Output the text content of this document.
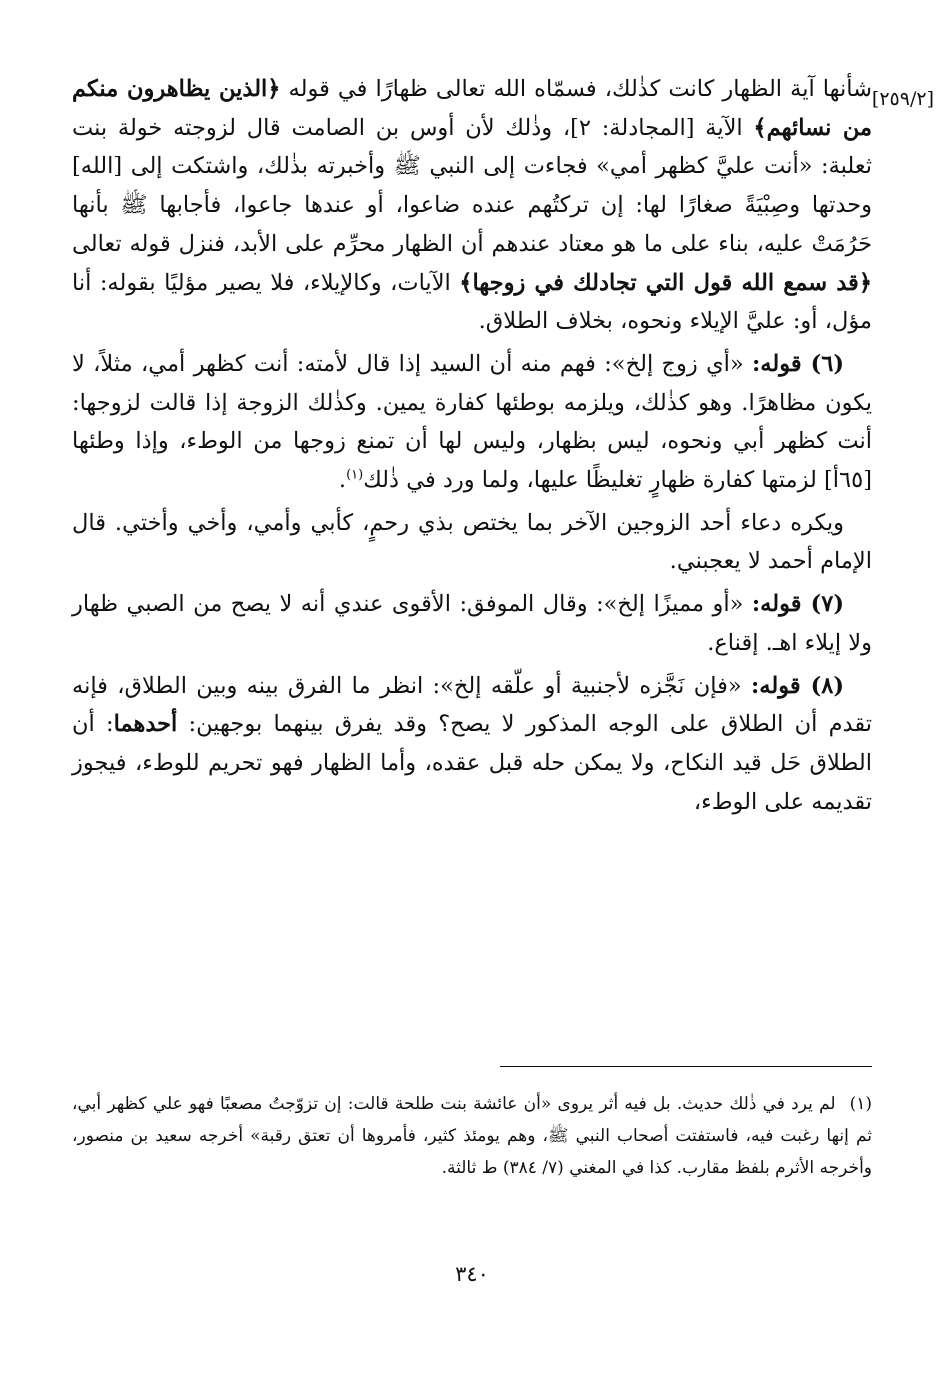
[٢٥٩/٢]

شأنها آية الظهار كانت كذٰلك، فسمّاه الله تعالى ظهارًا في قوله ﴿الذين يظاهرون منكم من نسائهم﴾ الآية [المجادلة: ٢]، وذٰلك لأن أوس بن الصامت قال لزوجته خولة بنت ثعلبة: «أنت عليَّ كظهر أمي» فجاءت إلى النبي ﷺ وأخبرته بذٰلك، واشتكت إلى [الله] وحدتها وصِبْيَةً صغارًا لها: إن تركتُهم عنده ضاعوا، أو عندها جاعوا، فأجابها ﷺ بأنها حَرُمَتْ عليه، بناء على ما هو معتاد عندهم أن الظهار محرِّم على الأبد، فنزل قوله تعالى ﴿قد سمع الله قول التي تجادلك في زوجها﴾ الآيات، وكالإيلاء، فلا يصير مؤليًا بقوله: أنا مؤل، أو: عليَّ الإيلاء ونحوه، بخلاف الطلاق.

(٦) قوله: «أي زوج إلخ»: فهم منه أن السيد إذا قال لأمته: أنت كظهر أمي، مثلاً، لا يكون مظاهرًا. وهو كذٰلك، ويلزمه بوطئها كفارة يمين. وكذٰلك الزوجة إذا قالت لزوجها: أنت كظهر أبي ونحوه، ليس بظهار، وليس لها أن تمنع زوجها من الوطء، وإذا وطئها [٦٥أ] لزمتها كفارة ظهارٍ تغليظًا عليها، ولما ورد في ذٰلك$^{(١)}$.

ويكره دعاء أحد الزوجين الآخر بما يختص بذي رحمٍ، كأبي وأمي، وأخي وأختي. قال الإمام أحمد لا يعجبني.

(٧) قوله: «أو مميزًا إلخ»: وقال الموفق: الأقوى عندي أنه لا يصح من الصبي ظهار ولا إيلاء اهـ. إقناع.

(٨) قوله: «فإن نَجَّزه لأجنبية أو علّقه إلخ»: انظر ما الفرق بينه وبين الطلاق، فإنه تقدم أن الطلاق على الوجه المذكور لا يصح؟ وقد يفرق بينهما بوجهين: أحدهما: أن الطلاق حَل قيد النكاح، ولا يمكن حله قبل عقده، وأما الظهار فهو تحريم للوطء، فيجوز تقديمه على الوطء،

(١)لم يرد في ذٰلك حديث. بل فيه أثر يروى «أن عائشة بنت طلحة قالت: إن تزوّجتُ مصعبًا فهو علي كظهر أبي، ثم إنها رغبت فيه، فاستفتت أصحاب النبي ﷺ، وهم يومئذ كثير، فأمروها أن تعتق رقبة» أخرجه سعيد بن منصور، وأخرجه الأثرم بلفظ مقارب. كذا في المغني (٧/ ٣٨٤) ط ثالثة.

٣٤٠
